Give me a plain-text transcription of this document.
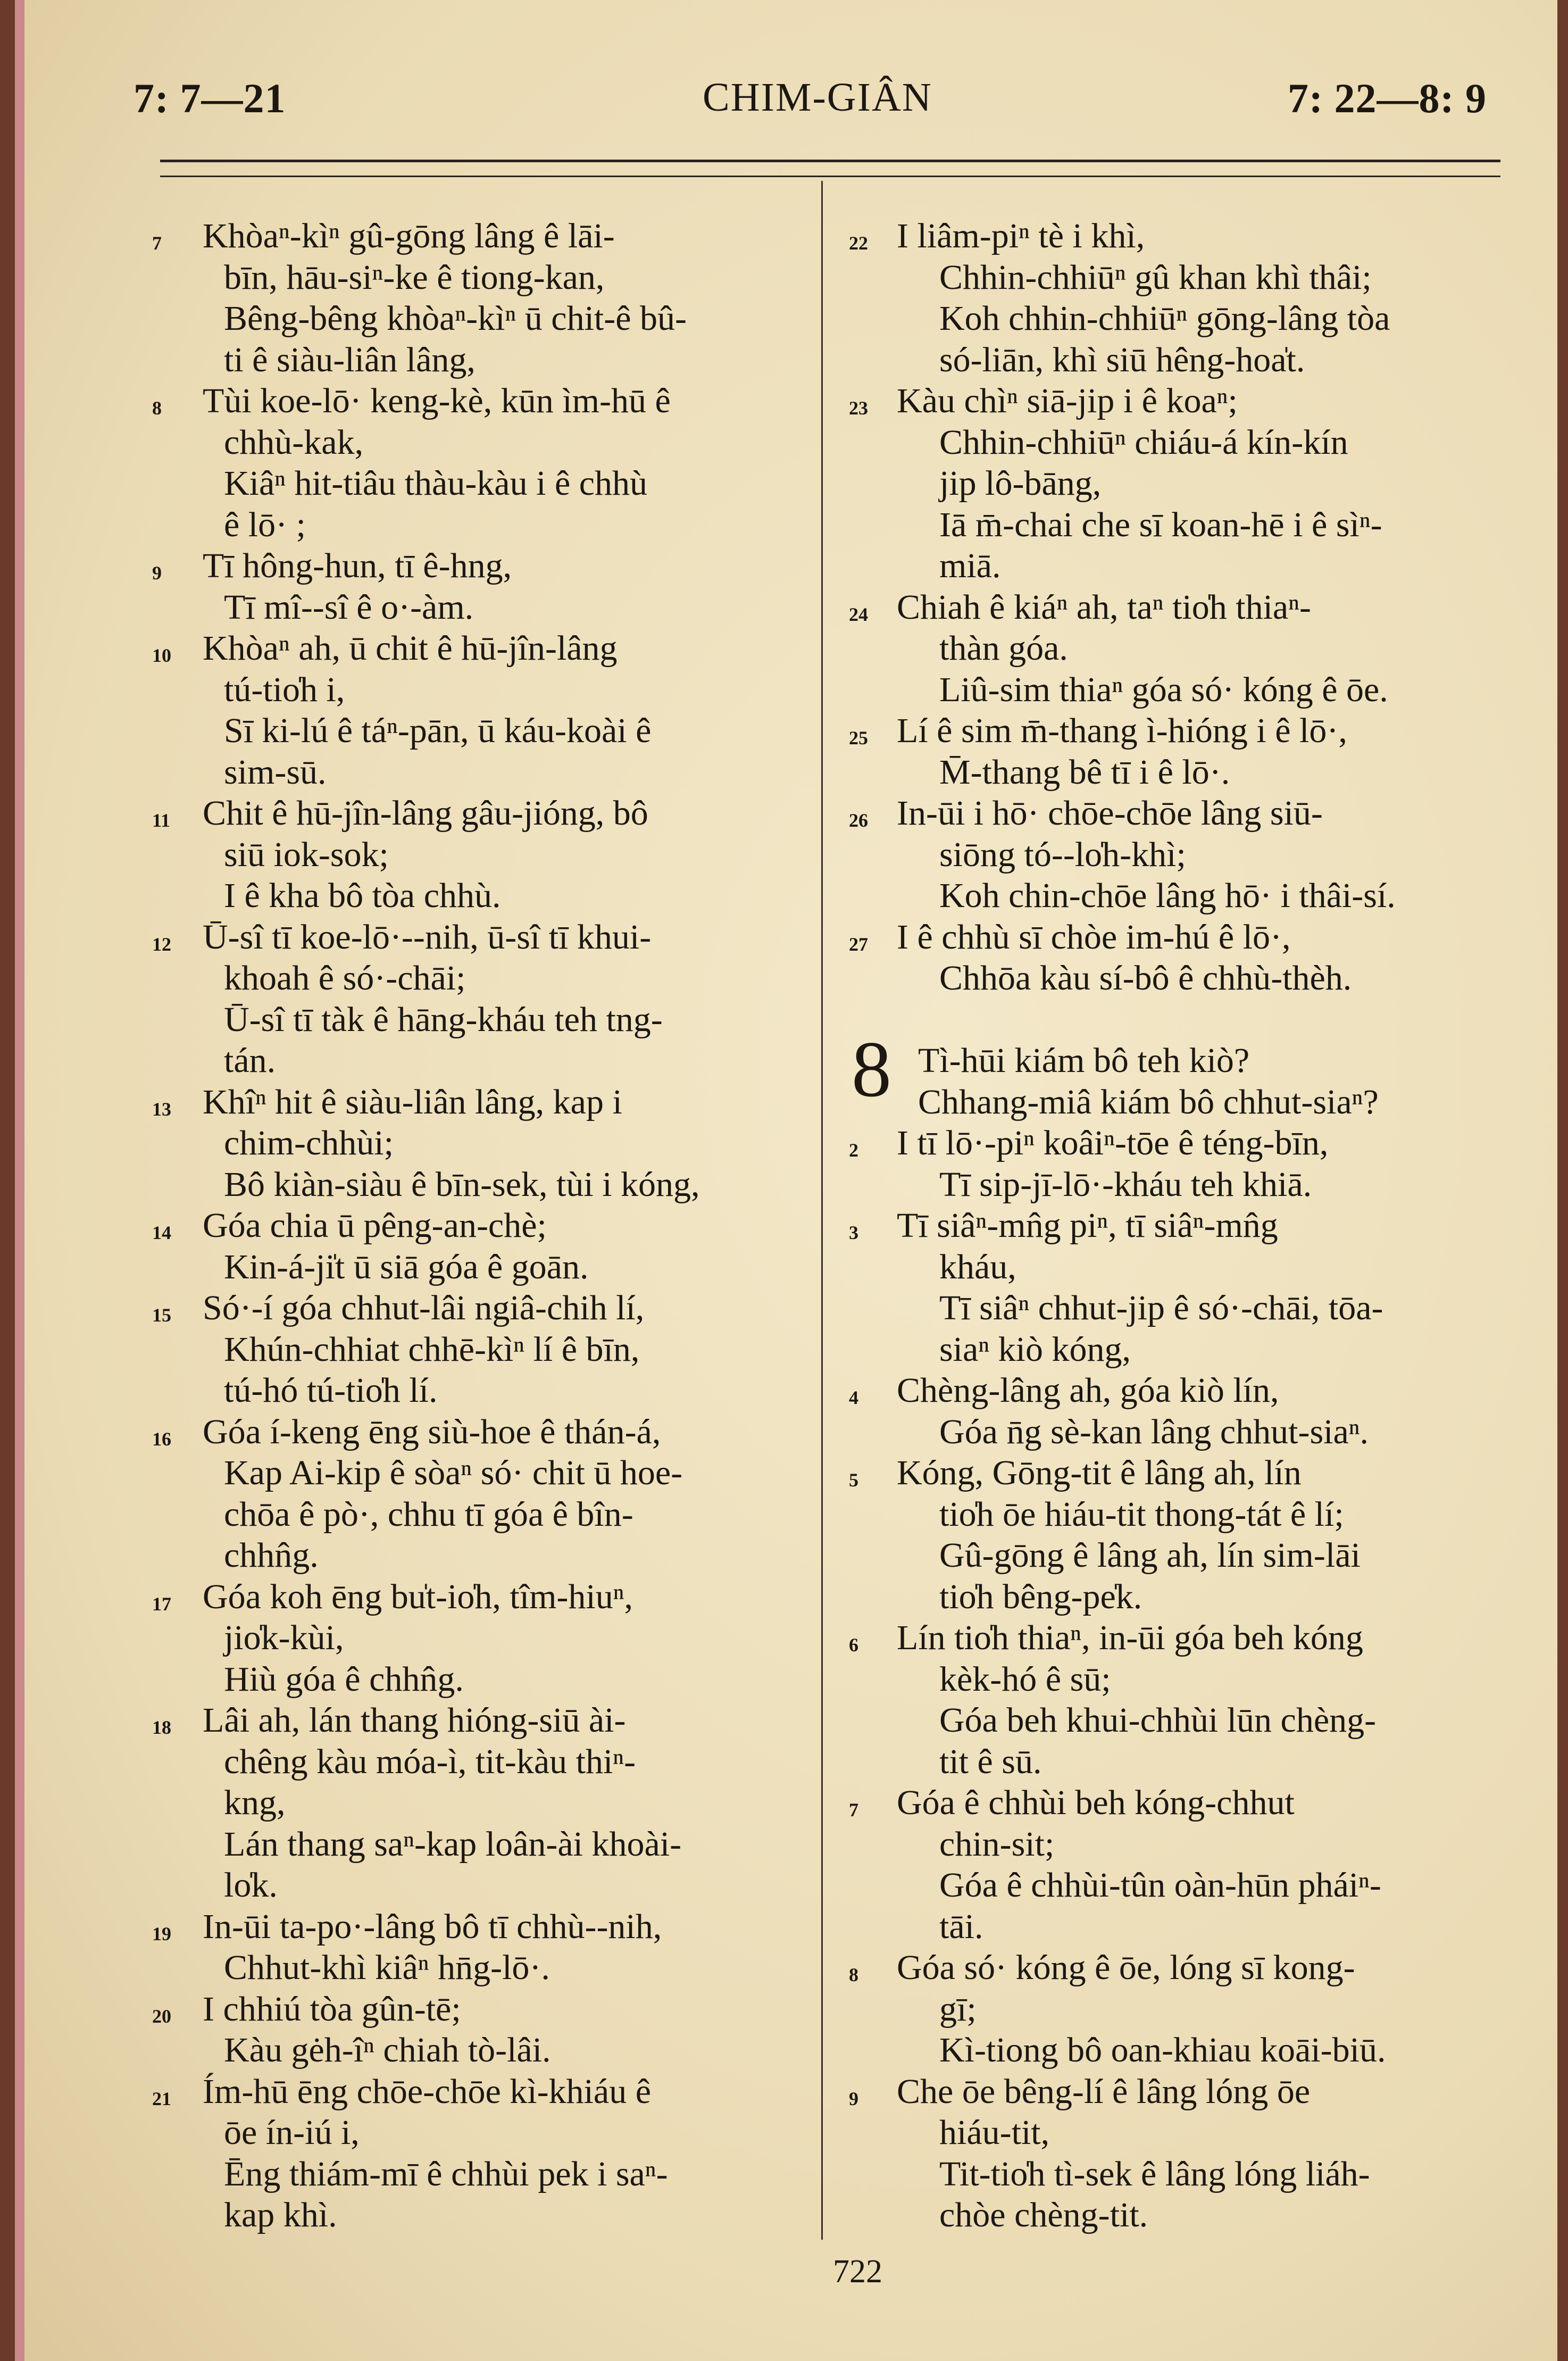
7: 7—21	CHIM-GIÂN	7: 22—8: 9
7 Khòaⁿ-kìⁿ gû-gōng lâng ê lāi-
bīn, hāu-siⁿ-ke ê tiong-kan,
Bêng-bêng khòaⁿ-kìⁿ ū chit-ê bû-
ti ê siàu-liân lâng,
8 Tùi koe-lō· keng-kè, kūn ìm-hū ê
chhù-kak,
Kiâⁿ hit-tiâu thàu-kàu i ê chhù
ê lō· ;
9 Tī hông-hun, tī ê-hng,
Tī mî--sî ê o·-àm.
10 Khòaⁿ ah, ū chit ê hū-jîn-lâng
tú-tio̍h i,
Sī ki-lú ê táⁿ-pān, ū káu-koài ê
sim-sū.
11 Chit ê hū-jîn-lâng gâu-jióng, bô
siū iok-sok;
I ê kha bô tòa chhù.
12 Ū-sî tī koe-lō·--nih, ū-sî tī khui-
khoah ê só·-chāi;
Ū-sî tī tàk ê hāng-kháu teh tng-
tán.
13 Khîⁿ hit ê siàu-liân lâng, kap i
chim-chhùi;
Bô kiàn-siàu ê bīn-sek, tùi i kóng,
14 Góa chia ū pêng-an-chè;
Kin-á-ji̍t ū siā góa ê goān.
15 Só·-í góa chhut-lâi ngiâ-chih lí,
Khún-chhiat chhē-kìⁿ lí ê bīn,
tú-hó tú-tio̍h lí.
16 Góa í-keng ēng siù-hoe ê thán-á,
Kap Ai-kip ê sòaⁿ só· chit ū hoe-
chōa ê pò·, chhu tī góa ê bîn-
chhn̂g.
17 Góa koh ēng bu̍t-io̍h, tîm-hiuⁿ,
jio̍k-kùi,
Hiù góa ê chhn̂g.
18 Lâi ah, lán thang hióng-siū ài-
chêng kàu móa-ì, tit-kàu thiⁿ-
kng,
Lán thang saⁿ-kap loân-ài khoài-
lo̍k.
19 In-ūi ta-po·-lâng bô tī chhù--nih,
Chhut-khì kiâⁿ hn̄g-lō·.
20 I chhiú tòa gûn-tē;
Kàu gėh-îⁿ chiah tò-lâi.
21 Ím-hū ēng chōe-chōe kì-khiáu ê
ōe ín-iú i,
Ēng thiám-mī ê chhùi pek i saⁿ-
kap khì.
22 I liâm-piⁿ tè i khì,
Chhin-chhiūⁿ gû khan khì thâi;
Koh chhin-chhiūⁿ gōng-lâng tòa
só-liān, khì siū hêng-hoa̍t.
23 Kàu chìⁿ siā-jip i ê koaⁿ;
Chhin-chhiūⁿ chiáu-á kín-kín
jip lô-bāng,
Iā m̄-chai che sī koan-hē i ê sìⁿ-
miā.
24 Chiah ê kiáⁿ ah, taⁿ tio̍h thiaⁿ-
thàn góa.
Liû-sim thiaⁿ góa só· kóng ê ōe.
25 Lí ê sim m̄-thang ì-hióng i ê lō·,
M̄-thang bê tī i ê lō·.
26 In-ūi i hō· chōe-chōe lâng siū-
siōng tó--lo̍h-khì;
Koh chin-chōe lâng hō· i thâi-sí.
27 I ê chhù sī chòe im-hú ê lō·,
Chhōa kàu sí-bô ê chhù-thèh.
Tì-hūi kiám bô teh kiò?
Chhang-miâ kiám bô chhut-siaⁿ?
2 I tī lō·-piⁿ koâiⁿ-tōe ê téng-bīn,
Tī sip-jī-lō·-kháu teh khiā.
3 Tī siâⁿ-mn̂g piⁿ, tī siâⁿ-mn̂g
kháu,
Tī siâⁿ chhut-jip ê só·-chāi, tōa-
siaⁿ kiò kóng,
4 Chèng-lâng ah, góa kiò lín,
Góa n̄g sè-kan lâng chhut-siaⁿ.
5 Kóng, Gōng-tit ê lâng ah, lín
tio̍h ōe hiáu-tit thong-tát ê lí;
Gû-gōng ê lâng ah, lín sim-lāi
tio̍h bêng-pe̍k.
6 Lín tio̍h thiaⁿ, in-ūi góa beh kóng
kèk-hó ê sū;
Góa beh khui-chhùi lūn chèng-
tit ê sū.
7 Góa ê chhùi beh kóng-chhut
chin-sit;
Góa ê chhùi-tûn oàn-hūn pháiⁿ-
tāi.
8 Góa só· kóng ê ōe, lóng sī kong-
gī;
Kì-tiong bô oan-khiau koāi-biū.
9 Che ōe bêng-lí ê lâng lóng ōe
hiáu-tit,
Tit-tio̍h tì-sek ê lâng lóng liáh-
chòe chèng-tit.
8
722
